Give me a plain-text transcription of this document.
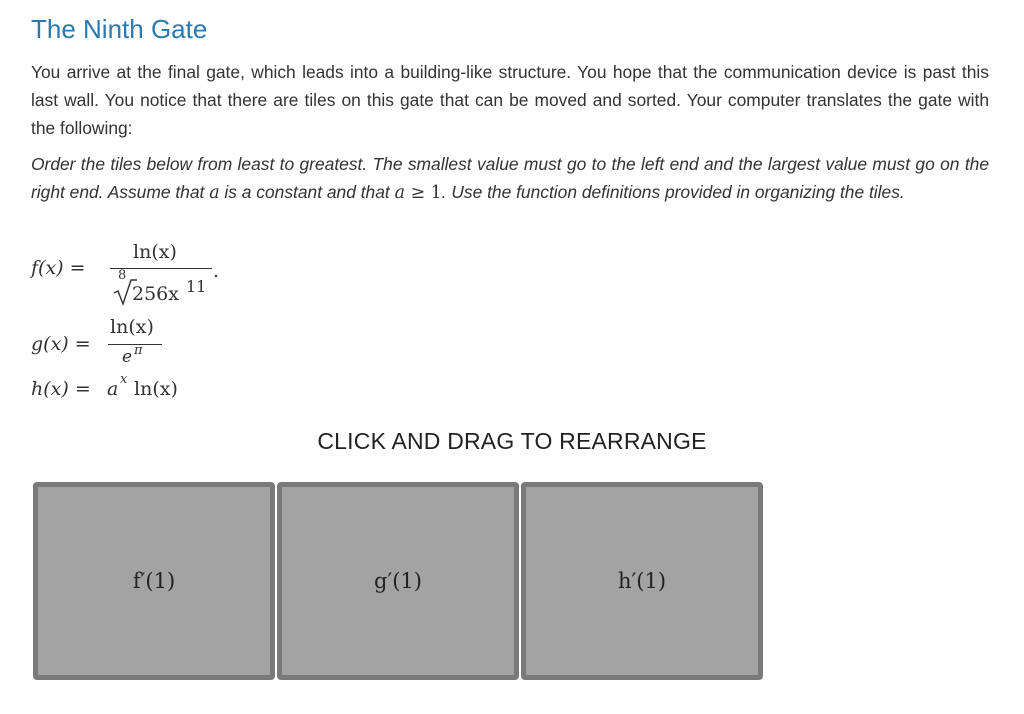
The Ninth Gate
You arrive at the final gate, which leads into a building-like structure. You hope that the communication device is past this last wall. You notice that there are tiles on this gate that can be moved and sorted. Your computer translates the gate with the following:
Order the tiles below from least to greatest. The smallest value must go to the left end and the largest value must go on the right end. Assume that a is a constant and that a ≥ 1. Use the function definitions provided in organizing the tiles.
f(x) =
ln(x)
8
256x 11
.
g(x) =
ln(x)
e π
h(x) = a x ln(x)
CLICK AND DRAG TO REARRANGE
f′(1)	g′(1)	h′(1)
